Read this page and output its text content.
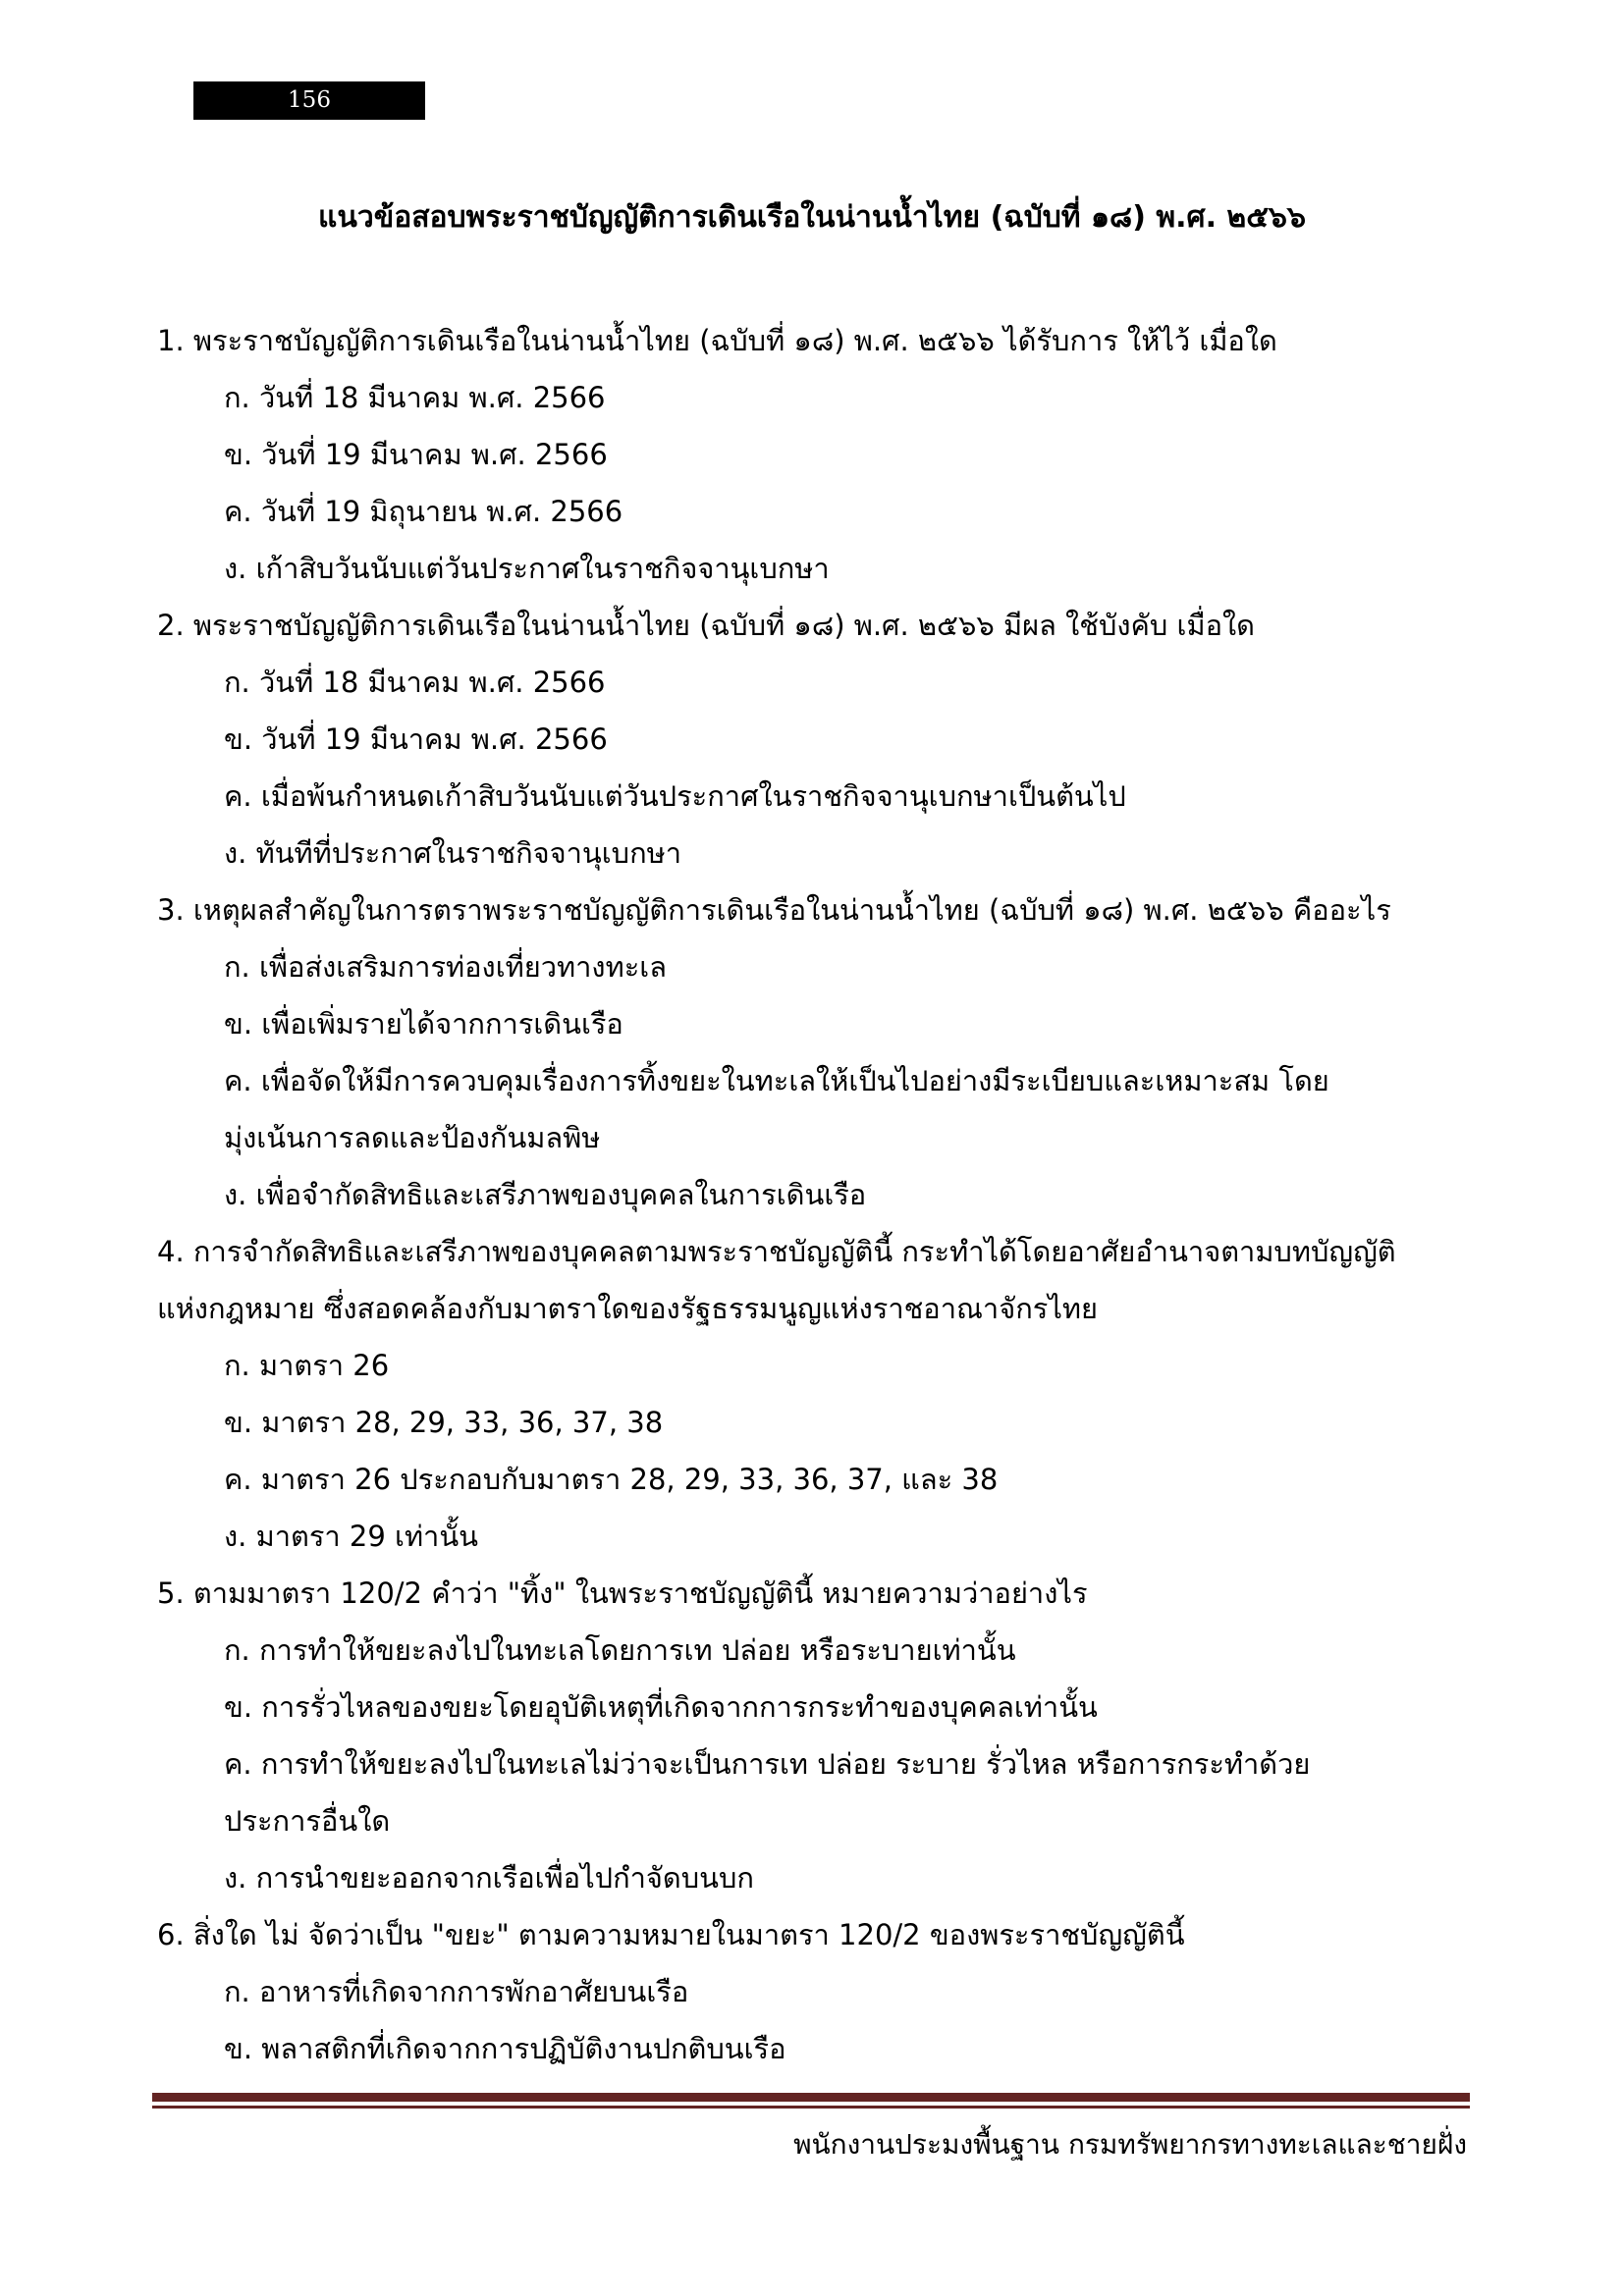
156
แนวข้อสอบพระราชบัญญัติการเดินเรือในน่านน้ำไทย (ฉบับที่ ๑๘) พ.ศ. ๒๕๖๖
1. พระราชบัญญัติการเดินเรือในน่านน้ำไทย (ฉบับที่ ๑๘) พ.ศ. ๒๕๖๖ ได้รับการ ให้ไว้ เมื่อใด
ก. วันที่ 18 มีนาคม พ.ศ. 2566
ข. วันที่ 19 มีนาคม พ.ศ. 2566
ค. วันที่ 19 มิถุนายน พ.ศ. 2566
ง. เก้าสิบวันนับแต่วันประกาศในราชกิจจานุเบกษา
2. พระราชบัญญัติการเดินเรือในน่านน้ำไทย (ฉบับที่ ๑๘) พ.ศ. ๒๕๖๖ มีผล ใช้บังคับ เมื่อใด
ก. วันที่ 18 มีนาคม พ.ศ. 2566
ข. วันที่ 19 มีนาคม พ.ศ. 2566
ค. เมื่อพ้นกำหนดเก้าสิบวันนับแต่วันประกาศในราชกิจจานุเบกษาเป็นต้นไป
ง. ทันทีที่ประกาศในราชกิจจานุเบกษา
3. เหตุผลสำคัญในการตราพระราชบัญญัติการเดินเรือในน่านน้ำไทย (ฉบับที่ ๑๘) พ.ศ. ๒๕๖๖ คืออะไร
ก. เพื่อส่งเสริมการท่องเที่ยวทางทะเล
ข. เพื่อเพิ่มรายได้จากการเดินเรือ
ค. เพื่อจัดให้มีการควบคุมเรื่องการทิ้งขยะในทะเลให้เป็นไปอย่างมีระเบียบและเหมาะสม โดย
มุ่งเน้นการลดและป้องกันมลพิษ
ง. เพื่อจำกัดสิทธิและเสรีภาพของบุคคลในการเดินเรือ
4. การจำกัดสิทธิและเสรีภาพของบุคคลตามพระราชบัญญัตินี้ กระทำได้โดยอาศัยอำนาจตามบทบัญญัติ
แห่งกฎหมาย ซึ่งสอดคล้องกับมาตราใดของรัฐธรรมนูญแห่งราชอาณาจักรไทย
ก. มาตรา 26
ข. มาตรา 28, 29, 33, 36, 37, 38
ค. มาตรา 26 ประกอบกับมาตรา 28, 29, 33, 36, 37, และ 38
ง. มาตรา 29 เท่านั้น
5. ตามมาตรา 120/2 คำว่า "ทิ้ง" ในพระราชบัญญัตินี้ หมายความว่าอย่างไร
ก. การทำให้ขยะลงไปในทะเลโดยการเท ปล่อย หรือระบายเท่านั้น
ข. การรั่วไหลของขยะโดยอุบัติเหตุที่เกิดจากการกระทำของบุคคลเท่านั้น
ค. การทำให้ขยะลงไปในทะเลไม่ว่าจะเป็นการเท ปล่อย ระบาย รั่วไหล หรือการกระทำด้วย
ประการอื่นใด
ง. การนำขยะออกจากเรือเพื่อไปกำจัดบนบก
6. สิ่งใด ไม่ จัดว่าเป็น "ขยะ" ตามความหมายในมาตรา 120/2 ของพระราชบัญญัตินี้
ก. อาหารที่เกิดจากการพักอาศัยบนเรือ
ข. พลาสติกที่เกิดจากการปฏิบัติงานปกติบนเรือ
พนักงานประมงพื้นฐาน กรมทรัพยากรทางทะเลและชายฝั่ง
